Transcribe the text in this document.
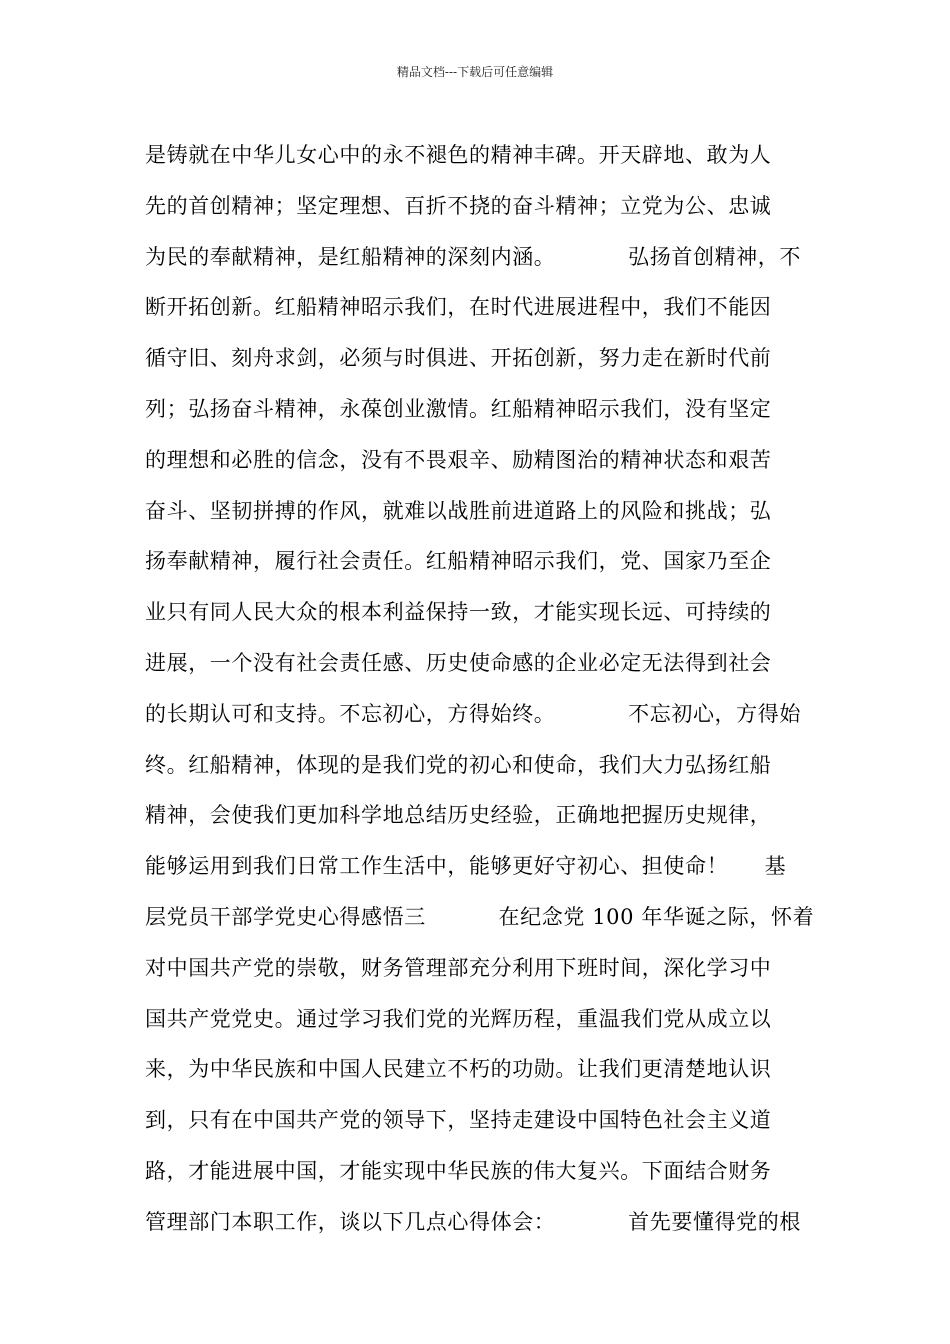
精品文档---下载后可任意编辑
是铸就在中华儿女心中的永不褪色的精神丰碑。开天辟地、敢为人
先的首创精神；坚定理想、百折不挠的奋斗精神；立党为公、忠诚
为民的奉献精神，是红船精神的深刻内涵。          弘扬首创精神，不
断开拓创新。红船精神昭示我们，在时代进展进程中，我们不能因
循守旧、刻舟求剑，必须与时俱进、开拓创新，努力走在新时代前
列；弘扬奋斗精神，永葆创业激情。红船精神昭示我们，没有坚定
的理想和必胜的信念，没有不畏艰辛、励精图治的精神状态和艰苦
奋斗、坚韧拼搏的作风，就难以战胜前进道路上的风险和挑战；弘
扬奉献精神，履行社会责任。红船精神昭示我们，党、国家乃至企
业只有同人民大众的根本利益保持一致，才能实现长远、可持续的
进展，一个没有社会责任感、历史使命感的企业必定无法得到社会
的长期认可和支持。不忘初心，方得始终。          不忘初心，方得始
终。红船精神，体现的是我们党的初心和使命，我们大力弘扬红船
精神，会使我们更加科学地总结历史经验，正确地把握历史规律，
能够运用到我们日常工作生活中，能够更好守初心、担使命！     基
层党员干部学党史心得感悟三          在纪念党 100 年华诞之际，怀着
对中国共产党的崇敬，财务管理部充分利用下班时间，深化学习中
国共产党党史。通过学习我们党的光辉历程，重温我们党从成立以
来，为中华民族和中国人民建立不朽的功勋。让我们更清楚地认识
到，只有在中国共产党的领导下，坚持走建设中国特色社会主义道
路，才能进展中国，才能实现中华民族的伟大复兴。下面结合财务
管理部门本职工作，谈以下几点心得体会：          首先要懂得党的根
